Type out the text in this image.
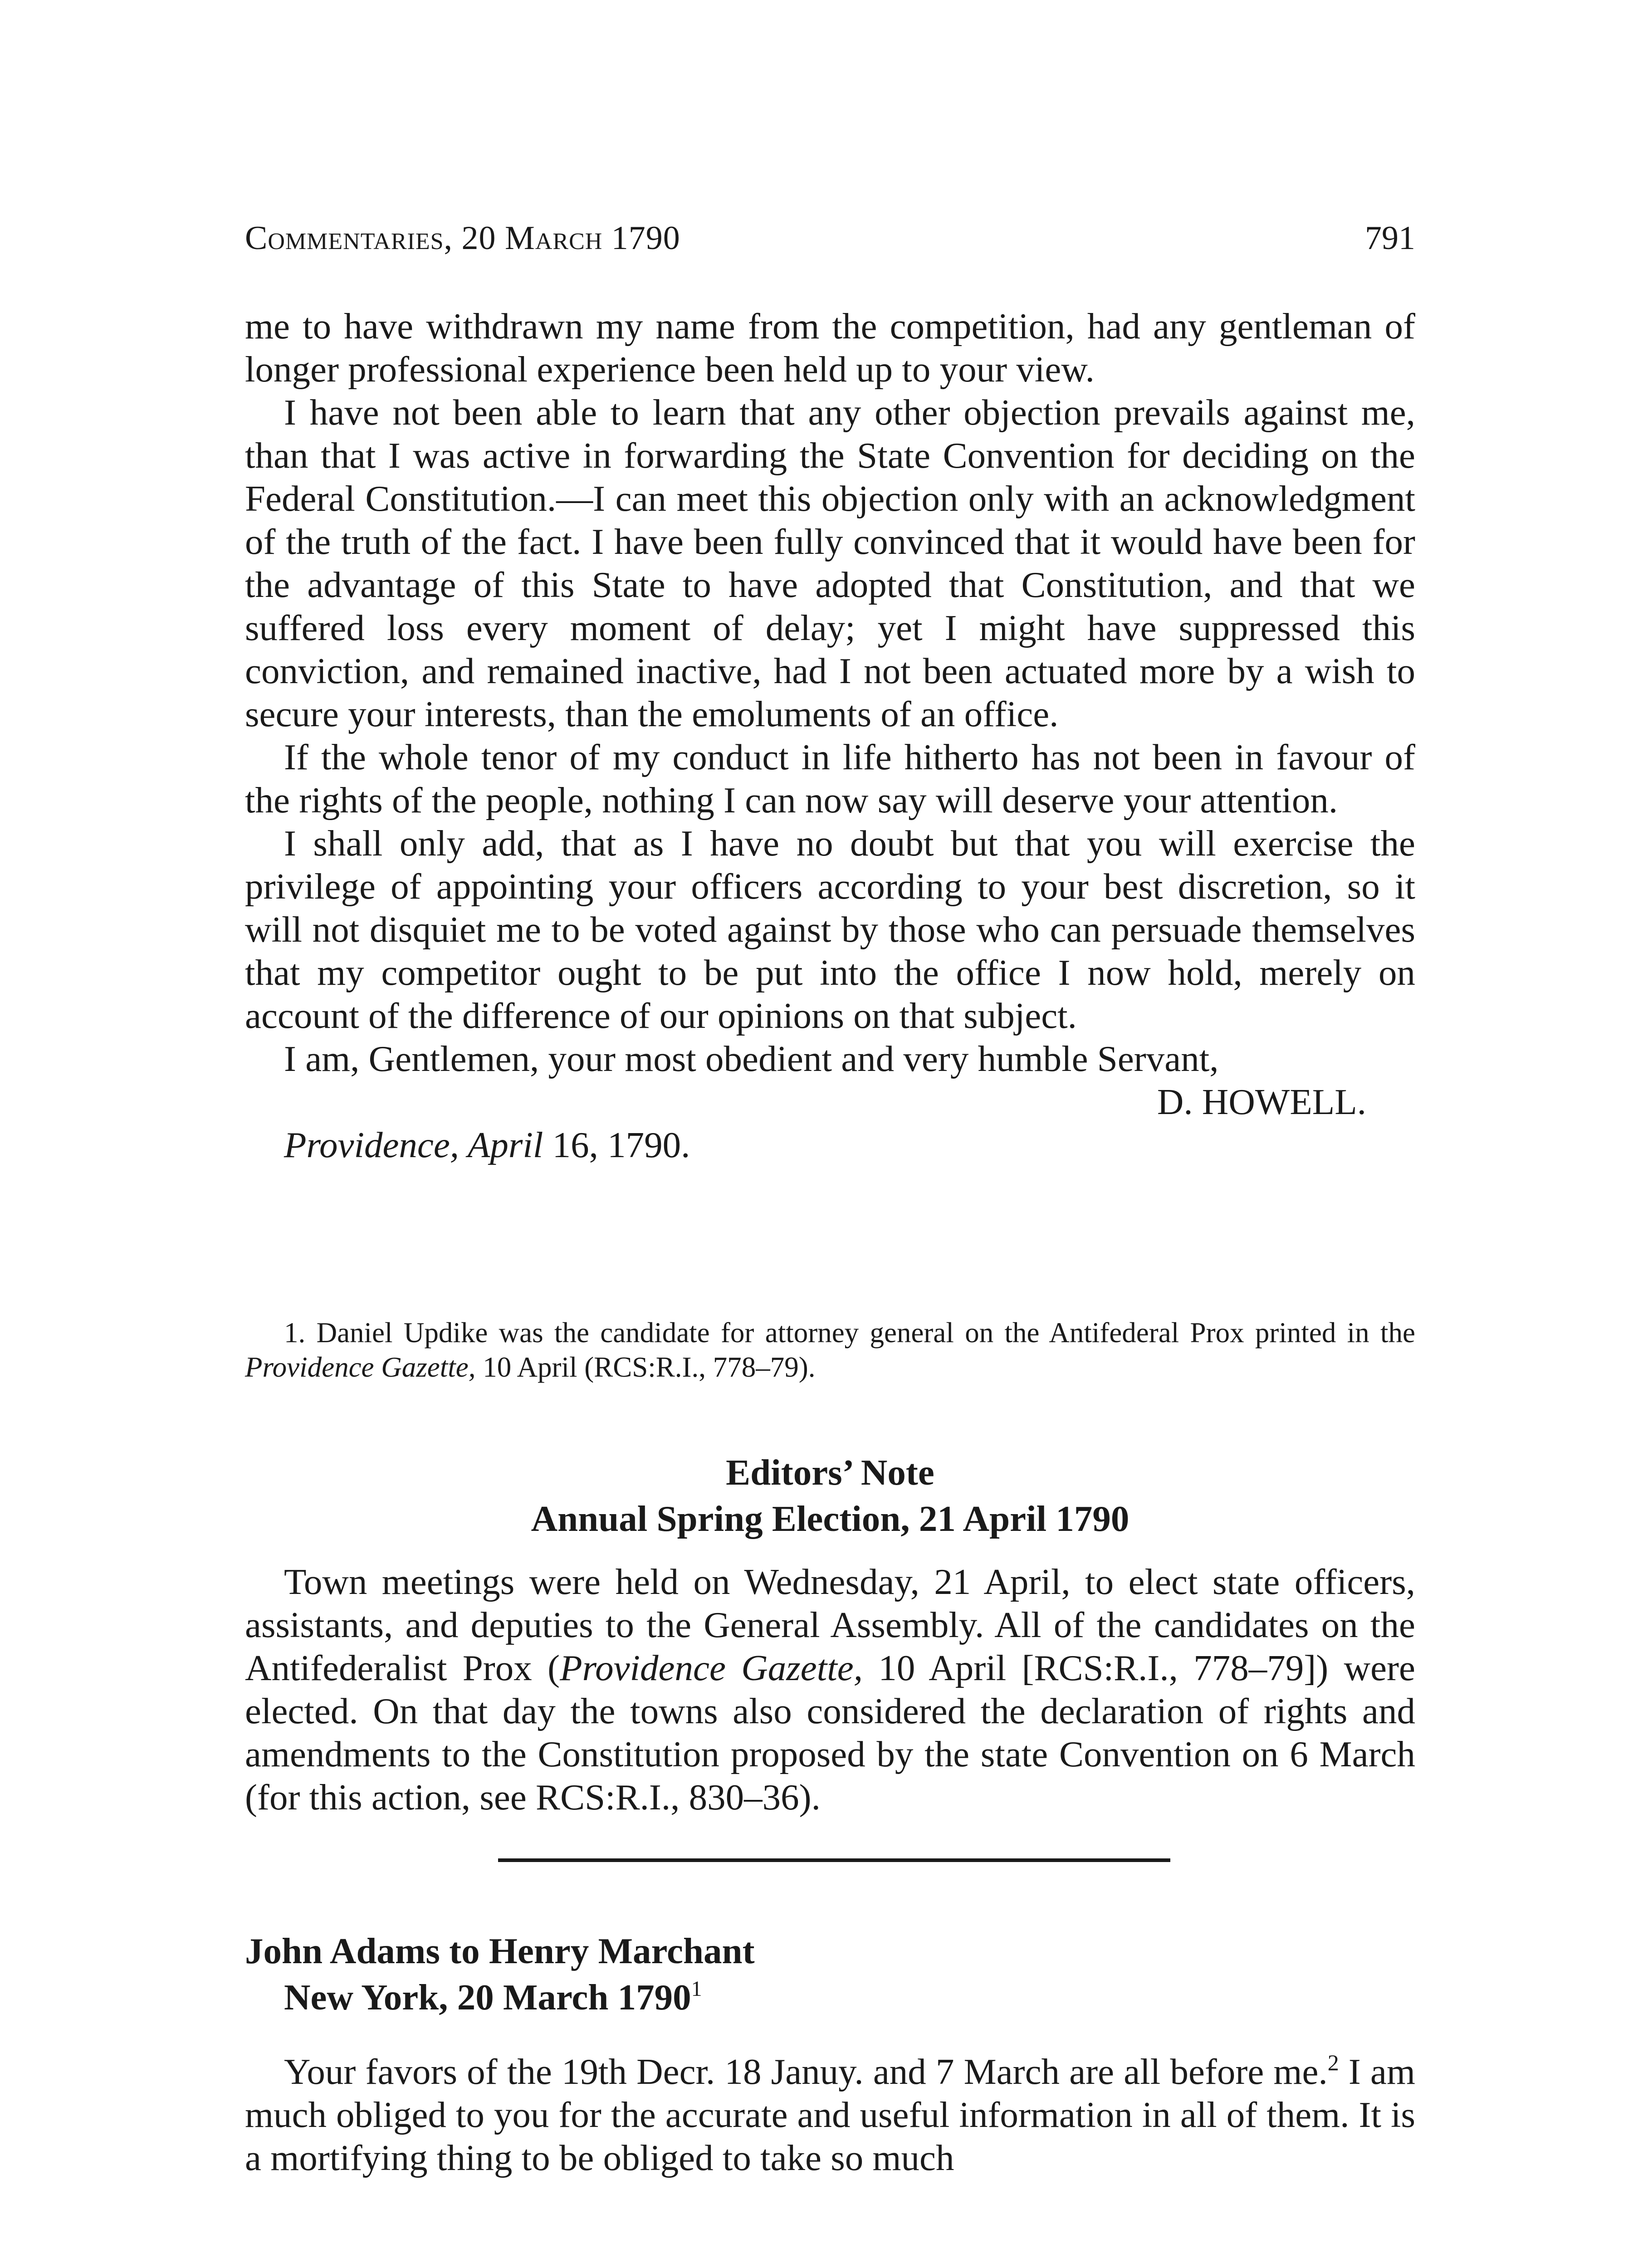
Commentaries, 20 March 1790	791

me to have withdrawn my name from the competition, had any gentleman of longer professional experience been held up to your view.

I have not been able to learn that any other objection prevails against me, than that I was active in forwarding the State Convention for deciding on the Federal Constitution.—I can meet this objection only with an acknowledgment of the truth of the fact. I have been fully convinced that it would have been for the advantage of this State to have adopted that Constitution, and that we suffered loss every moment of delay; yet I might have suppressed this conviction, and remained inactive, had I not been actuated more by a wish to secure your interests, than the emoluments of an office.

If the whole tenor of my conduct in life hitherto has not been in favour of the rights of the people, nothing I can now say will deserve your attention.

I shall only add, that as I have no doubt but that you will exercise the privilege of appointing your officers according to your best discretion, so it will not disquiet me to be voted against by those who can persuade themselves that my competitor ought to be put into the office I now hold, merely on account of the difference of our opinions on that subject.

I am, Gentlemen, your most obedient and very humble Servant,

D. HOWELL.

Providence, April 16, 1790.

1. Daniel Updike was the candidate for attorney general on the Antifederal Prox printed in the Providence Gazette, 10 April (RCS:R.I., 778–79).

Editors’ Note
Annual Spring Election, 21 April 1790

Town meetings were held on Wednesday, 21 April, to elect state officers, assistants, and deputies to the General Assembly. All of the candidates on the Antifederalist Prox (Providence Gazette, 10 April [RCS:R.I., 778–79]) were elected. On that day the towns also considered the declaration of rights and amendments to the Constitution proposed by the state Convention on 6 March (for this action, see RCS:R.I., 830–36).

John Adams to Henry Marchant
New York, 20 March 1790$^1$

Your favors of the 19th Decr. 18 Januy. and 7 March are all before me.$^2$ I am much obliged to you for the accurate and useful information in all of them. It is a mortifying thing to be obliged to take so much
